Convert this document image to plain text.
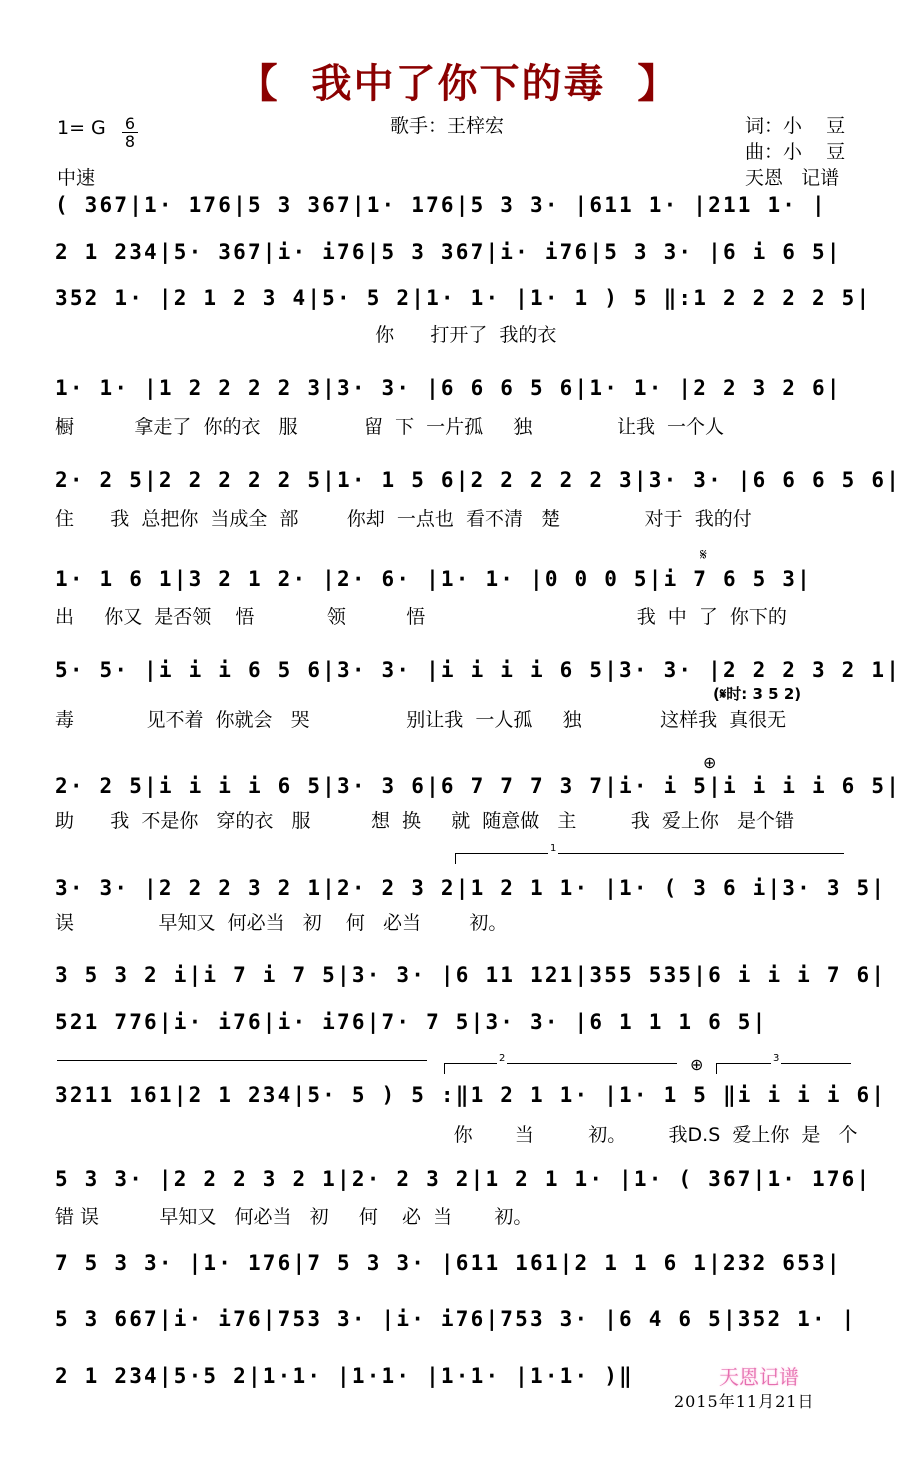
【  我中了你下的毒  】
歌手：王梓宏	词：小    豆
曲：小    豆
天恩   记谱
中速
1= G 6
8
( 367|1· 176|5 3 367|1· 176|5 3 3· |611 1· |211 1· |
2 1 234|5· 367|i· i76|5 3 367|i· i76|5 3 3· |6 i 6 5|
352 1· |2 1 2 3 4|5· 5 2|1· 1· |1· 1 ) 5 ‖:1 2 2 2 2 5|
你      打开了  我的衣
1· 1· |1 2 2 2 2 3|3· 3· |6 6 6 5 6|1· 1· |2 2 3 2 6|
橱          拿走了  你的衣   服           留  下  一片孤     独              让我  一个人
2· 2 5|2 2 2 2 2 5|1· 1 5 6|2 2 2 2 2 3|3· 3· |6 6 6 5 6|
住      我  总把你  当成全  部        你却  一点也  看不清   楚              对于  我的付
𝄋
1· 1 6 1|3 2 1 2· |2· 6· |1· 1· |0 0 0 5|i 7 6 5 3|
出     你又  是否领    悟            领          悟                                   我  中  了  你下的
5· 5· |i i i 6 5 6|3· 3· |i i i i 6 5|3· 3· |2 2 2 3 2 1|
(𝄋时: 3 5 2)
毒            见不着  你就会   哭                别让我  一人孤     独             这样我  真很无
⊕
2· 2 5|i i i i 6 5|3· 3 6|6 7 7 7 3 7|i· i 5|i i i i 6 5|
助      我  不是你   穿的衣   服          想  换     就  随意做   主         我  爱上你   是个错
1
3· 3· |2 2 2 3 2 1|2· 2 3 2|1 2 1 1· |1· ( 3 6 i|3· 3 5|
误              早知又  何必当   初    何   必当        初。
3 5 3 2 i|i 7 i 7 5|3· 3· |6 11 121|355 535|6 i i i 7 6|
521 776|i· i76|i· i76|7· 7 5|3· 3· |6 1 1 1 6 5|
2	⊕	3
3211 161|2 1 234|5· 5 ) 5 :‖1 2 1 1· |1· 1 5 ‖i i i i 6|
你       当         初。       我D.S  爱上你  是   个
5 3 3· |2 2 2 3 2 1|2· 2 3 2|1 2 1 1· |1· ( 367|1· 176|
错 误          早知又   何必当   初     何    必  当       初。
7 5 3 3· |1· 176|7 5 3 3· |611 161|2 1 1 6 1|232 653|
5 3 667|i· i76|753 3· |i· i76|753 3· |6 4 6 5|352 1· |
2 1 234|5·5 2|1·1· |1·1· |1·1· |1·1· )‖	天恩记谱
2015年11月21日
